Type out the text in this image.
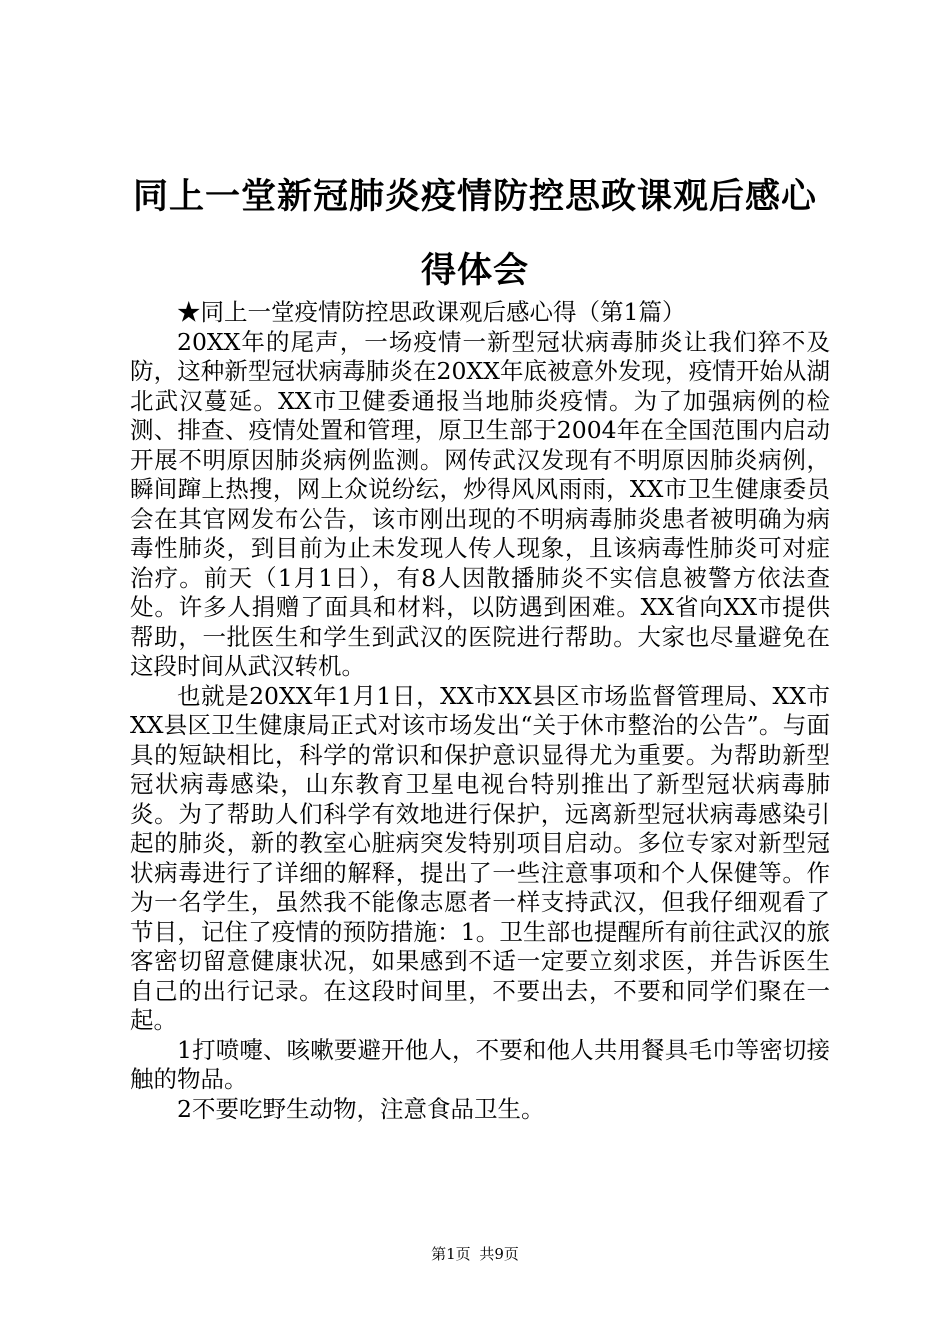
同上一堂新冠肺炎疫情防控思政课观后感心得体会

★同上一堂疫情防控思政课观后感心得（第1篇）

20XX年的尾声，一场疫情一新型冠状病毒肺炎让我们猝不及防，这种新型冠状病毒肺炎在20XX年底被意外发现，疫情开始从湖北武汉蔓延。XX市卫健委通报当地肺炎疫情。为了加强病例的检测、排查、疫情处置和管理，原卫生部于2004年在全国范围内启动开展不明原因肺炎病例监测。网传武汉发现有不明原因肺炎病例，瞬间蹿上热搜，网上众说纷纭，炒得风风雨雨，XX市卫生健康委员会在其官网发布公告，该市刚出现的不明病毒肺炎患者被明确为病毒性肺炎，到目前为止未发现人传人现象，且该病毒性肺炎可对症治疗。前天（1月1日），有8人因散播肺炎不实信息被警方依法查处。许多人捐赠了面具和材料，以防遇到困难。XX省向XX市提供帮助，一批医生和学生到武汉的医院进行帮助。大家也尽量避免在这段时间从武汉转机。

也就是20XX年1月1日，XX市XX县区市场监督管理局、XX市XX县区卫生健康局正式对该市场发出“关于休市整治的公告”。与面具的短缺相比，科学的常识和保护意识显得尤为重要。为帮助新型冠状病毒感染，山东教育卫星电视台特别推出了新型冠状病毒肺炎。为了帮助人们科学有效地进行保护，远离新型冠状病毒感染引起的肺炎，新的教室心脏病突发特别项目启动。多位专家对新型冠状病毒进行了详细的解释，提出了一些注意事项和个人保健等。作为一名学生，虽然我不能像志愿者一样支持武汉，但我仔细观看了节目，记住了疫情的预防措施：1。卫生部也提醒所有前往武汉的旅客密切留意健康状况，如果感到不适一定要立刻求医，并告诉医生自己的出行记录。在这段时间里，不要出去，不要和同学们聚在一起。

1打喷嚏、咳嗽要避开他人，不要和他人共用餐具毛巾等密切接触的物品。

2不要吃野生动物，注意食品卫生。

第1页 共9页
